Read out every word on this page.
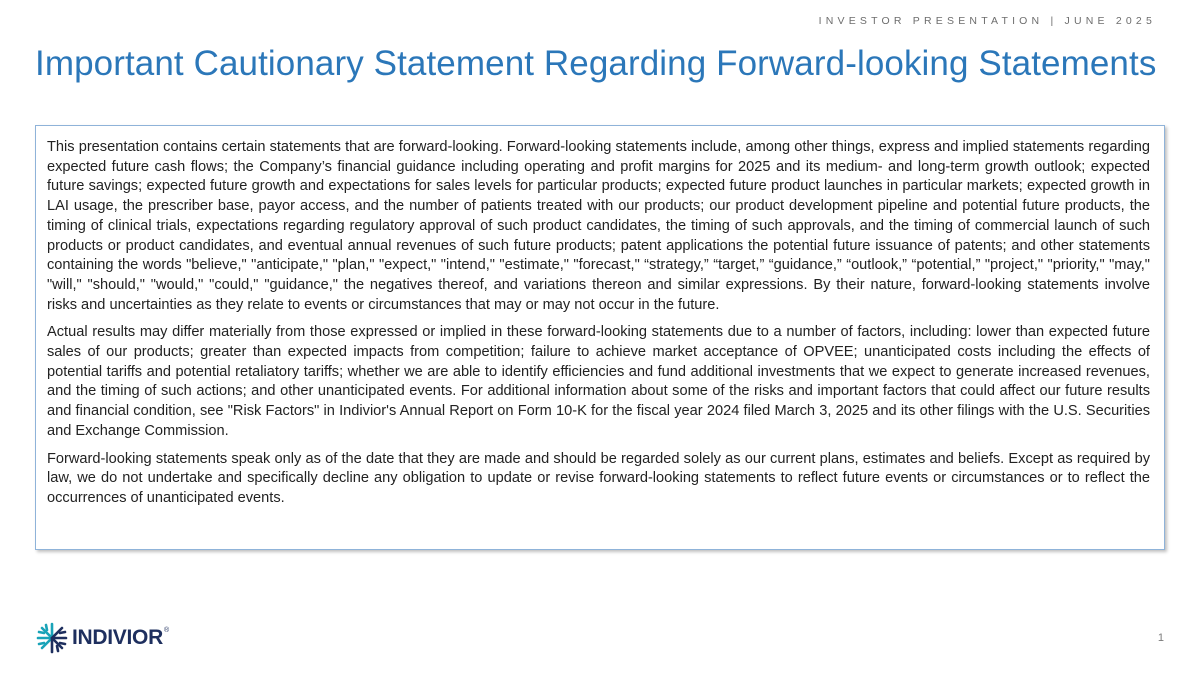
INVESTOR PRESENTATION | JUNE 2025
Important Cautionary Statement Regarding Forward-looking Statements

This presentation contains certain statements that are forward-looking. Forward-looking statements include, among other things, express and implied statements regarding expected future cash flows; the Company’s financial guidance including operating and profit margins for 2025 and its medium- and long-term growth outlook; expected future savings; expected future growth and expectations for sales levels for particular products; expected future product launches in particular markets; expected growth in LAI usage, the prescriber base, payor access, and the number of patients treated with our products; our product development pipeline and potential future products, the timing of clinical trials, expectations regarding regulatory approval of such product candidates, the timing of such approvals, and the timing of commercial launch of such products or product candidates, and eventual annual revenues of such future products; patent applications the potential future issuance of patents; and other statements containing the words "believe," "anticipate," "plan," "expect," "intend," "estimate," "forecast," “strategy,” “target,” “guidance,” “outlook,” “potential,” "project," "priority," "may," "will," "should," "would," "could," "guidance," the negatives thereof, and variations thereon and similar expressions. By their nature, forward-looking statements involve risks and uncertainties as they relate to events or circumstances that may or may not occur in the future.

Actual results may differ materially from those expressed or implied in these forward-looking statements due to a number of factors, including: lower than expected future sales of our products; greater than expected impacts from competition; failure to achieve market acceptance of OPVEE; unanticipated costs including the effects of potential tariffs and potential retaliatory tariffs; whether we are able to identify efficiencies and fund additional investments that we expect to generate increased revenues, and the timing of such actions; and other unanticipated events. For additional information about some of the risks and important factors that could affect our future results and financial condition, see "Risk Factors" in Indivior's Annual Report on Form 10-K for the fiscal year 2024 filed March 3, 2025 and its other filings with the U.S. Securities and Exchange Commission.

Forward-looking statements speak only as of the date that they are made and should be regarded solely as our current plans, estimates and beliefs. Except as required by law, we do not undertake and specifically decline any obligation to update or revise forward-looking statements to reflect future events or circumstances or to reflect the occurrences of unanticipated events.

INDIVIOR ®
1
